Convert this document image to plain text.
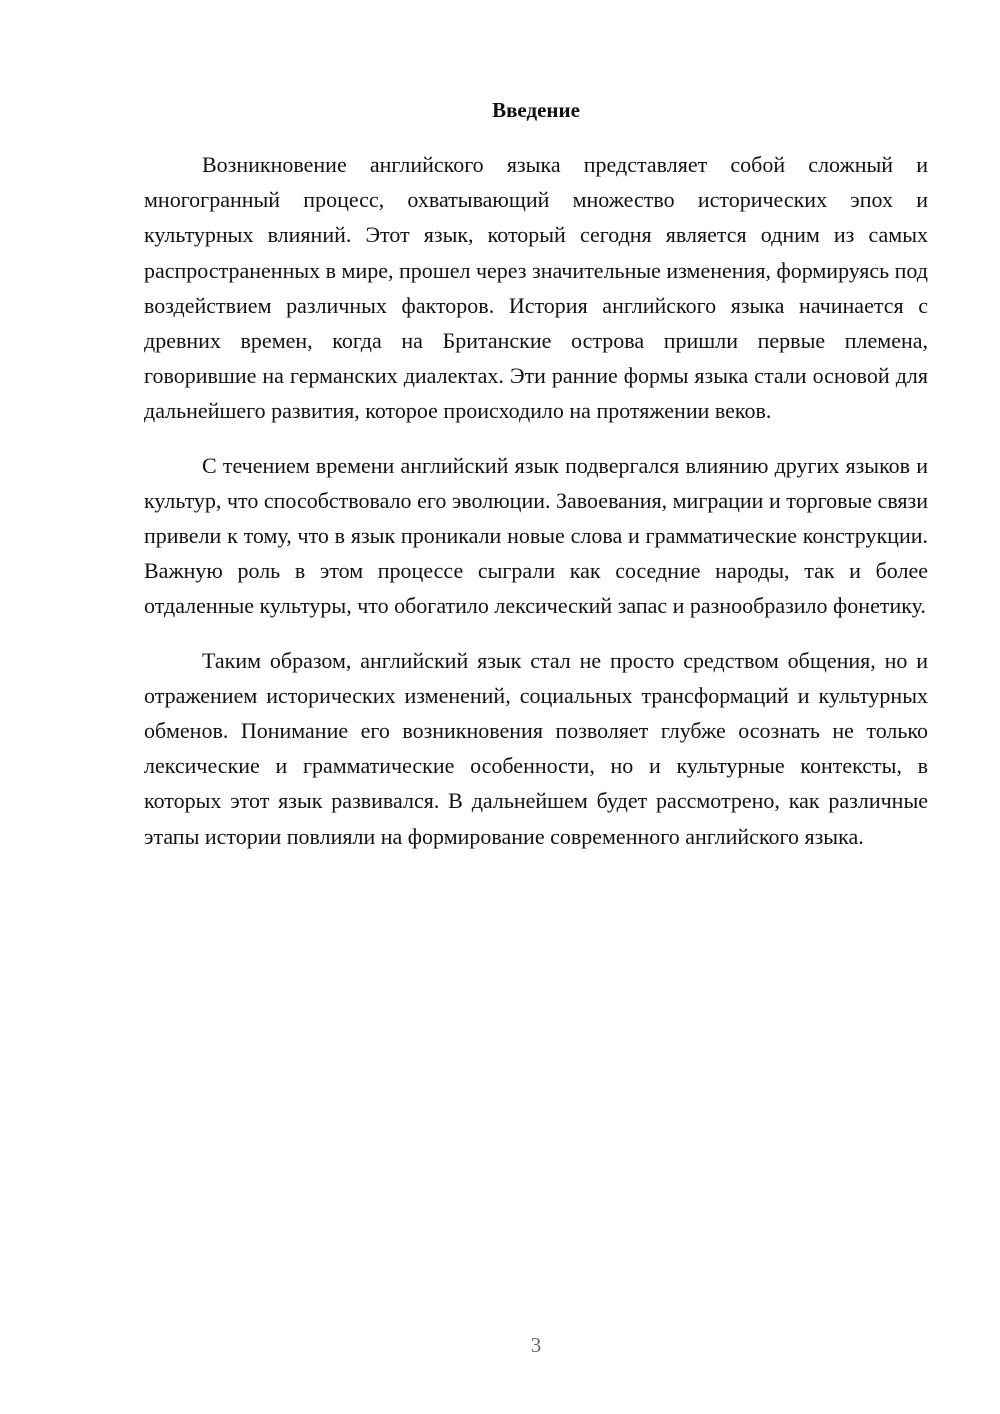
Введение

Возникновение английского языка представляет собой сложный и многогранный процесс, охватывающий множество исторических эпох и культурных влияний. Этот язык, который сегодня является одним из самых распространенных в мире, прошел через значительные изменения, формируясь под воздействием различных факторов. История английского языка начинается с древних времен, когда на Британские острова пришли первые племена, говорившие на германских диалектах. Эти ранние формы языка стали основой для дальнейшего развития, которое происходило на протяжении веков.

С течением времени английский язык подвергался влиянию других языков и культур, что способствовало его эволюции. Завоевания, миграции и торговые связи привели к тому, что в язык проникали новые слова и грамматические конструкции. Важную роль в этом процессе сыграли как соседние народы, так и более отдаленные культуры, что обогатило лексический запас и разнообразило фонетику.

Таким образом, английский язык стал не просто средством общения, но и отражением исторических изменений, социальных трансформаций и культурных обменов. Понимание его возникновения позволяет глубже осознать не только лексические и грамматические особенности, но и культурные контексты, в которых этот язык развивался. В дальнейшем будет рассмотрено, как различные этапы истории повлияли на формирование современного английского языка.

3
